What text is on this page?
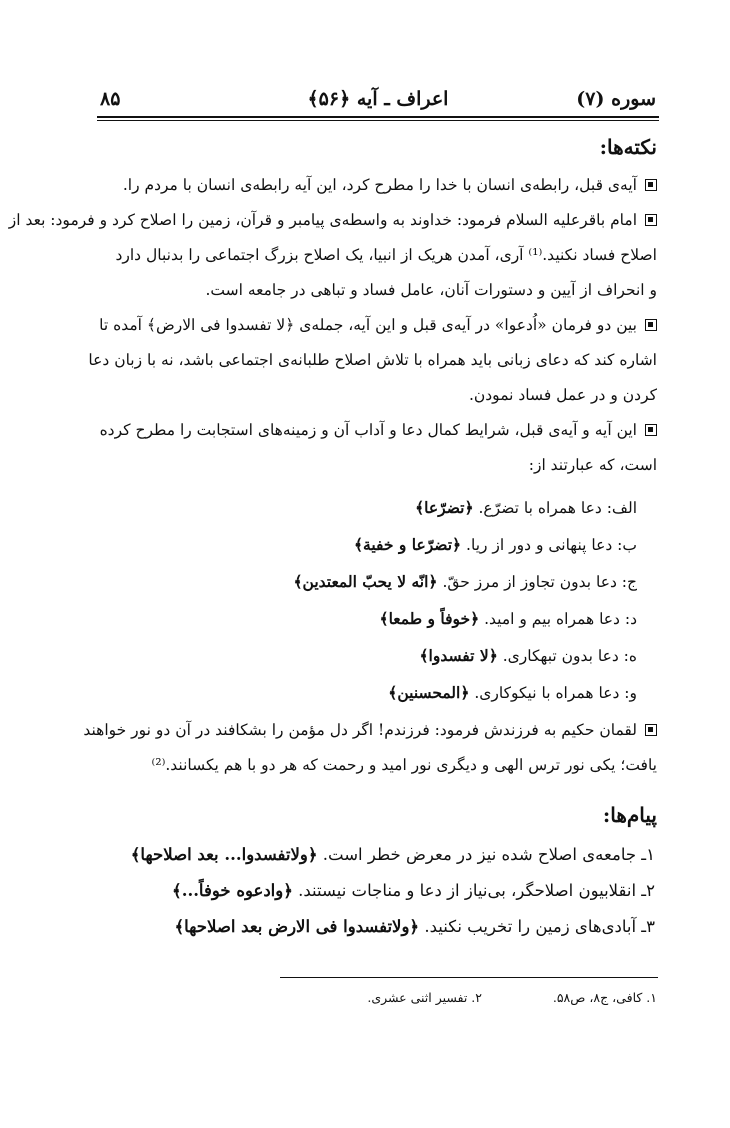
سوره (۷)
اعراف ـ آيه ﴿۵۶﴾
۸۵
نكته‌ها:
آيه‌ى قبل، رابطه‌ى انسان با خدا را مطرح كرد، اين آيه رابطه‌ى انسان با مردم را.
امام باقرعليه السلام فرمود: خداوند به واسطه‌ى پيامبر و قرآن، زمين را اصلاح كرد و فرمود: بعد از
اصلاح فساد نكنيد.⁽¹⁾ آرى، آمدن هريک از انبيا، يک اصلاح بزرگ اجتماعى را بدنبال دارد
و انحراف از آيين و دستورات آنان، عامل فساد و تباهى در جامعه است.
بين دو فرمان «اُدعوا» در آيه‌ى قبل و اين آيه، جمله‌ى ﴿لا تفسدوا فى الارض﴾ آمده تا
اشاره كند كه دعاى زبانى بايد همراه با تلاش اصلاح طلبانه‌ى اجتماعى باشد، نه با زبان دعا
كردن و در عمل فساد نمودن.
اين آيه و آيه‌ى قبل، شرايط كمال دعا و آداب آن و زمينه‌هاى استجابت را مطرح كرده
است، كه عبارتند از:
الف: دعا همراه با تضرّع. ﴿تضرّعا﴾
ب: دعا پنهانى و دور از ريا. ﴿تضرّعا و خفية﴾
ج: دعا بدون تجاوز از مرز حقّ. ﴿انّه لا يحبّ المعتدين﴾
د: دعا همراه بيم و اميد. ﴿خوفاً و طمعا﴾
ه: دعا بدون تبهكارى. ﴿لا تفسدوا﴾
و: دعا همراه با نيكوكارى. ﴿المحسنين﴾
لقمان حكيم به فرزندش فرمود: فرزندم! اگر دل مؤمن را بشكافند در آن دو نور خواهند
يافت؛ يكى نور ترس الهى و ديگرى نور اميد و رحمت كه هر دو با هم يكسانند.⁽²⁾
پيام‌ها:
۱ـ جامعه‌ى اصلاح شده نيز در معرض خطر است. ﴿ولاتفسدوا... بعد اصلاحها﴾
۲ـ انقلابيون اصلاحگر، بى‌نياز از دعا و مناجات نيستند. ﴿وادعوه خوفاً...﴾
۳ـ آبادى‌هاى زمين را تخريب نكنيد. ﴿ولاتفسدوا فى الارض بعد اصلاحها﴾
۱. كافى، ج۸، ص۵۸.
۲. تفسير اثنى عشرى.
